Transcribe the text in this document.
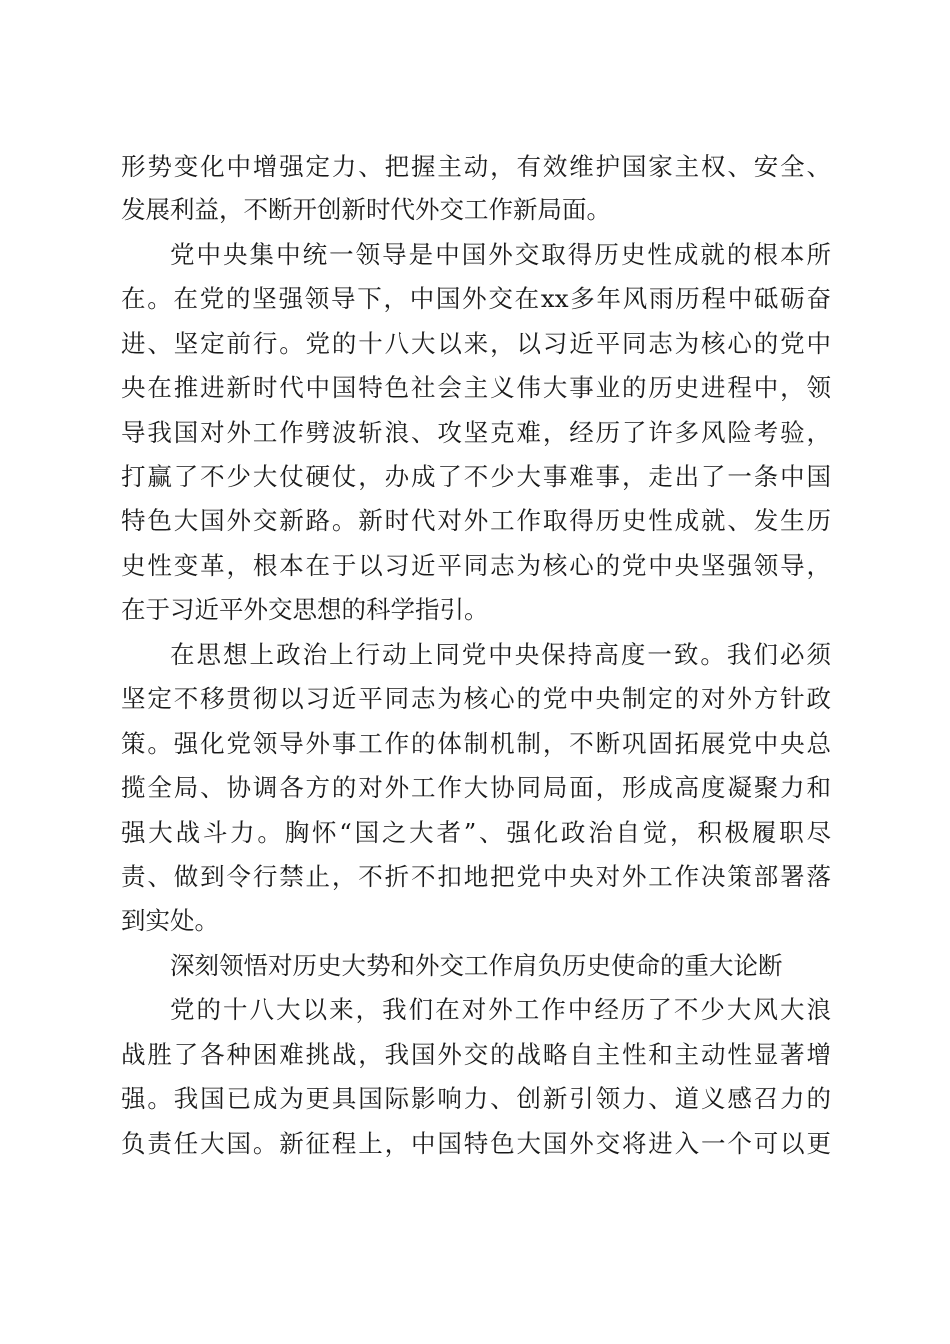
形势变化中增强定力、把握主动，有效维护国家主权、安全、
发展利益，不断开创新时代外交工作新局面。
党中央集中统一领导是中国外交取得历史性成就的根本所
在。在党的坚强领导下，中国外交在xx多年风雨历程中砥砺奋
进、坚定前行。党的十八大以来，以习近平同志为核心的党中
央在推进新时代中国特色社会主义伟大事业的历史进程中，领
导我国对外工作劈波斩浪、攻坚克难，经历了许多风险考验，
打赢了不少大仗硬仗，办成了不少大事难事，走出了一条中国
特色大国外交新路。新时代对外工作取得历史性成就、发生历
史性变革，根本在于以习近平同志为核心的党中央坚强领导，
在于习近平外交思想的科学指引。
在思想上政治上行动上同党中央保持高度一致。我们必须
坚定不移贯彻以习近平同志为核心的党中央制定的对外方针政
策。强化党领导外事工作的体制机制，不断巩固拓展党中央总
揽全局、协调各方的对外工作大协同局面，形成高度凝聚力和
强大战斗力。胸怀“国之大者”、强化政治自觉，积极履职尽
责、做到令行禁止，不折不扣地把党中央对外工作决策部署落
到实处。
深刻领悟对历史大势和外交工作肩负历史使命的重大论断
党的十八大以来，我们在对外工作中经历了不少大风大浪
战胜了各种困难挑战，我国外交的战略自主性和主动性显著增
强。我国已成为更具国际影响力、创新引领力、道义感召力的
负责任大国。新征程上，中国特色大国外交将进入一个可以更
